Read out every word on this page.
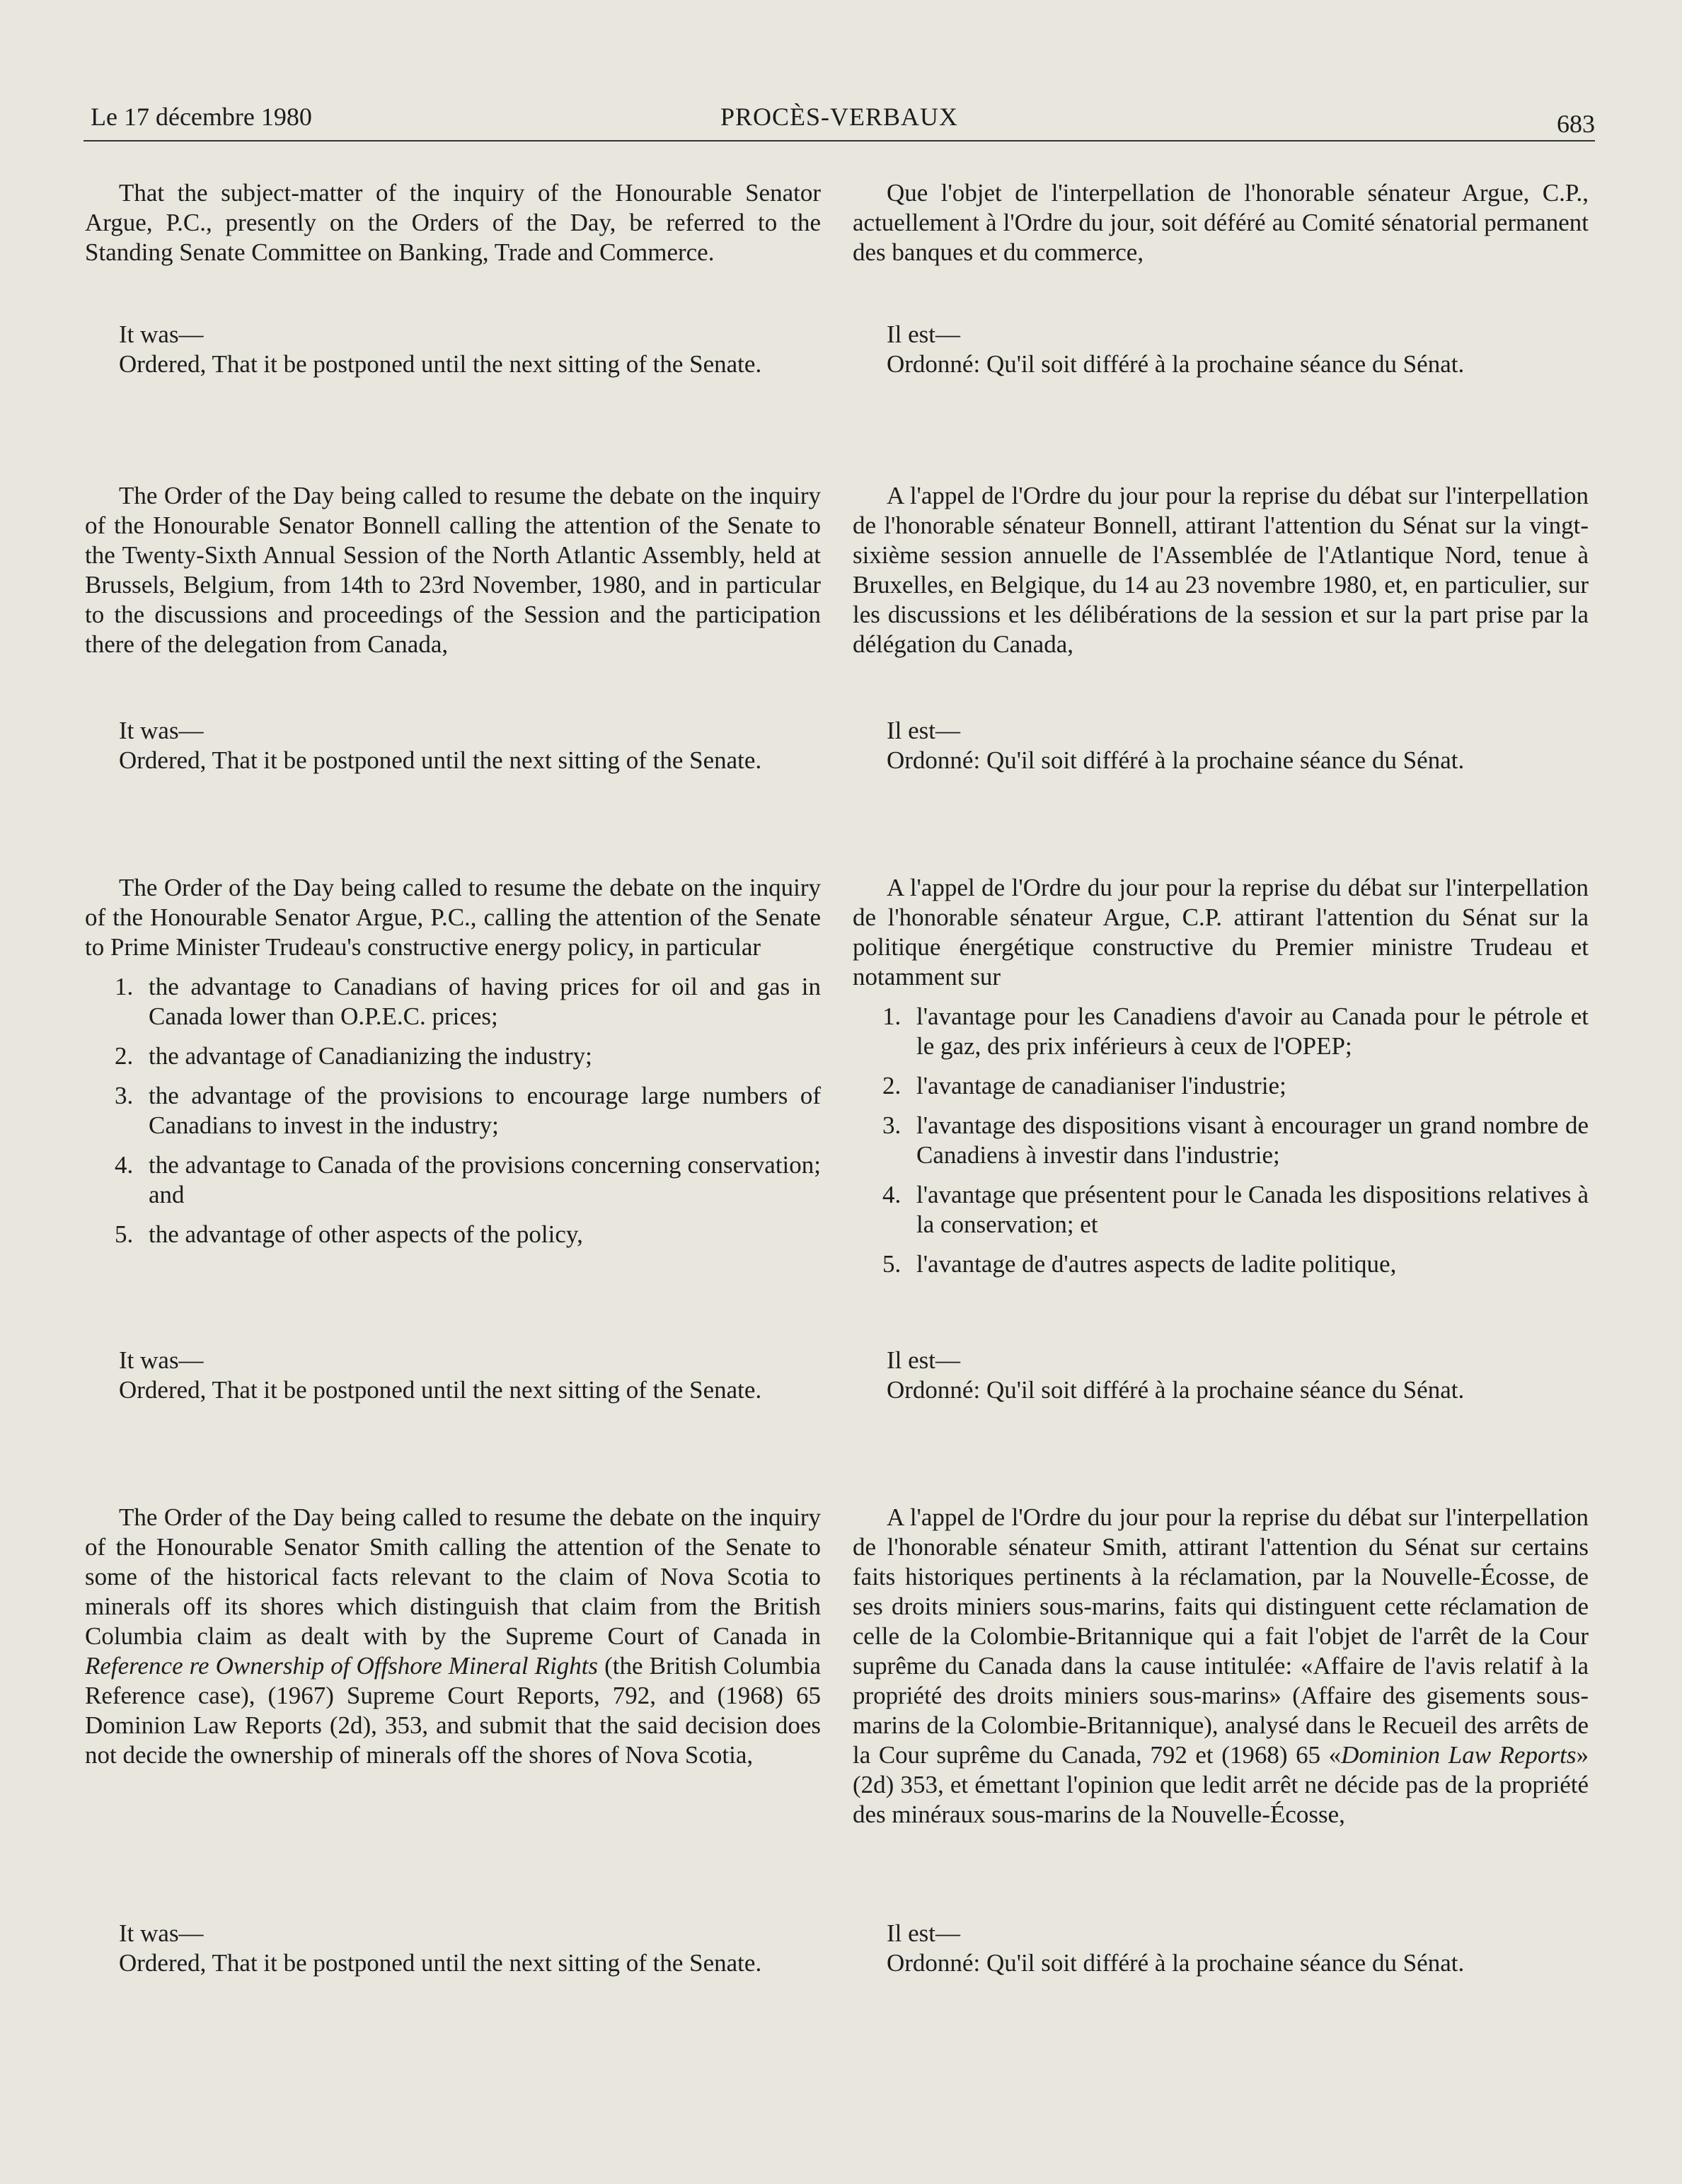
Le 17 décembre 1980	PROCÈS-VERBAUX	683

That the subject-matter of the inquiry of the Honourable Senator Argue, P.C., presently on the Orders of the Day, be referred to the Standing Senate Committee on Banking, Trade and Commerce.

It was—

Ordered, That it be postponed until the next sitting of the Senate.

The Order of the Day being called to resume the debate on the inquiry of the Honourable Senator Bonnell calling the attention of the Senate to the Twenty-Sixth Annual Session of the North Atlantic Assembly, held at Brussels, Belgium, from 14th to 23rd November, 1980, and in particular to the discussions and proceedings of the Session and the participation there of the delegation from Canada,

It was—

Ordered, That it be postponed until the next sitting of the Senate.

The Order of the Day being called to resume the debate on the inquiry of the Honourable Senator Argue, P.C., calling the attention of the Senate to Prime Minister Trudeau's constructive energy policy, in particular

1. the advantage to Canadians of having prices for oil and gas in Canada lower than O.P.E.C. prices;
2. the advantage of Canadianizing the industry;
3. the advantage of the provisions to encourage large numbers of Canadians to invest in the industry;
4. the advantage to Canada of the provisions concerning conservation; and
5. the advantage of other aspects of the policy,

It was—

Ordered, That it be postponed until the next sitting of the Senate.

The Order of the Day being called to resume the debate on the inquiry of the Honourable Senator Smith calling the attention of the Senate to some of the historical facts relevant to the claim of Nova Scotia to minerals off its shores which distinguish that claim from the British Columbia claim as dealt with by the Supreme Court of Canada in Reference re Ownership of Offshore Mineral Rights (the British Columbia Reference case), (1967) Supreme Court Reports, 792, and (1968) 65 Dominion Law Reports (2d), 353, and submit that the said decision does not decide the ownership of minerals off the shores of Nova Scotia,

It was—

Ordered, That it be postponed until the next sitting of the Senate.

Que l'objet de l'interpellation de l'honorable sénateur Argue, C.P., actuellement à l'Ordre du jour, soit déféré au Comité sénatorial permanent des banques et du commerce,

Il est—

Ordonné: Qu'il soit différé à la prochaine séance du Sénat.

A l'appel de l'Ordre du jour pour la reprise du débat sur l'interpellation de l'honorable sénateur Bonnell, attirant l'attention du Sénat sur la vingt-sixième session annuelle de l'Assemblée de l'Atlantique Nord, tenue à Bruxelles, en Belgique, du 14 au 23 novembre 1980, et, en particulier, sur les discussions et les délibérations de la session et sur la part prise par la délégation du Canada,

Il est—

Ordonné: Qu'il soit différé à la prochaine séance du Sénat.

A l'appel de l'Ordre du jour pour la reprise du débat sur l'interpellation de l'honorable sénateur Argue, C.P. attirant l'attention du Sénat sur la politique énergétique constructive du Premier ministre Trudeau et notamment sur

1. l'avantage pour les Canadiens d'avoir au Canada pour le pétrole et le gaz, des prix inférieurs à ceux de l'OPEP;
2. l'avantage de canadianiser l'industrie;
3. l'avantage des dispositions visant à encourager un grand nombre de Canadiens à investir dans l'industrie;
4. l'avantage que présentent pour le Canada les dispositions relatives à la conservation; et
5. l'avantage de d'autres aspects de ladite politique,

Il est—

Ordonné: Qu'il soit différé à la prochaine séance du Sénat.

A l'appel de l'Ordre du jour pour la reprise du débat sur l'interpellation de l'honorable sénateur Smith, attirant l'attention du Sénat sur certains faits historiques pertinents à la réclamation, par la Nouvelle-Écosse, de ses droits miniers sous-marins, faits qui distinguent cette réclamation de celle de la Colombie-Britannique qui a fait l'objet de l'arrêt de la Cour suprême du Canada dans la cause intitulée: «Affaire de l'avis relatif à la propriété des droits miniers sous-marins» (Affaire des gisements sous-marins de la Colombie-Britannique), analysé dans le Recueil des arrêts de la Cour suprême du Canada, 792 et (1968) 65 «Dominion Law Reports» (2d) 353, et émettant l'opinion que ledit arrêt ne décide pas de la propriété des minéraux sous-marins de la Nouvelle-Écosse,

Il est—

Ordonné: Qu'il soit différé à la prochaine séance du Sénat.
